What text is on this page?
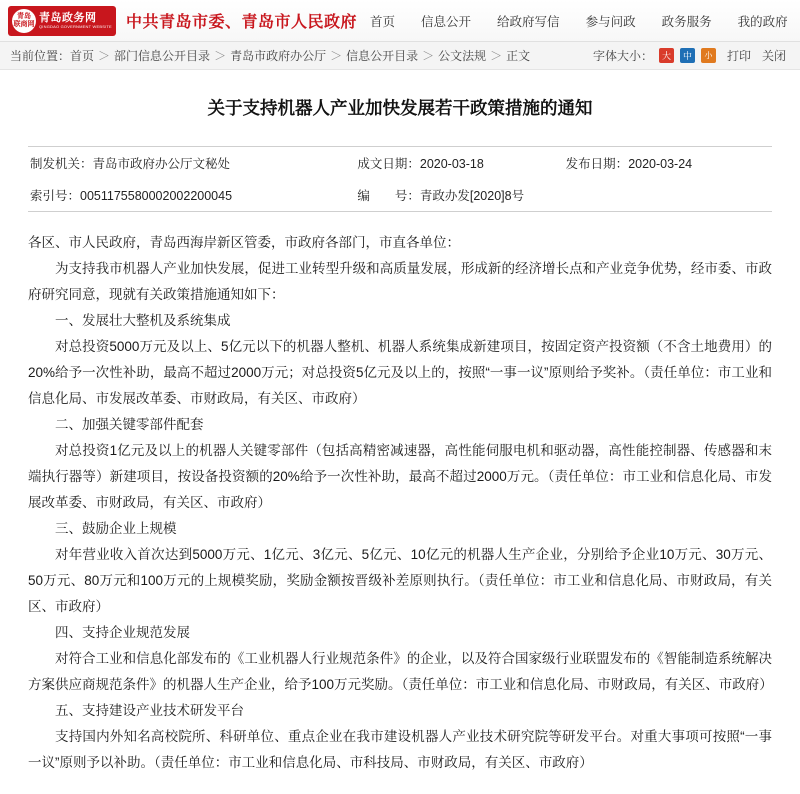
青岛
联商网
青岛政务网
QINGDAO GOVERNMENT WEBSITE 中共青岛市委、青岛市人民政府	首页	信息公开	给政府写信	参与问政	政务服务	我的政府
当前位置： 首页 ＞ 部门信息公开目录 ＞ 青岛市政府办公厅 ＞ 信息公开目录 ＞ 公文法规 ＞ 正文	字体大小： 大	中	小 打印 关闭
关于支持机器人产业加快发展若干政策措施的通知
制发机关：青岛市政府办公厅文秘处	成文日期：2020-03-18	发布日期：2020-03-24
索引号：0051175580002002200045	编　　号：青政办发[2020]8号	

各区、市人民政府，青岛西海岸新区管委，市政府各部门，市直各单位：

为支持我市机器人产业加快发展，促进工业转型升级和高质量发展，形成新的经济增长点和产业竞争优势，经市委、市政府研究同意，现就有关政策措施通知如下：

一、发展壮大整机及系统集成

对总投资5000万元及以上、5亿元以下的机器人整机、机器人系统集成新建项目，按固定资产投资额（不含土地费用）的20%给予一次性补助，最高不超过2000万元；对总投资5亿元及以上的，按照“一事一议”原则给予奖补。（责任单位：市工业和信息化局、市发展改革委、市财政局，有关区、市政府）

二、加强关键零部件配套

对总投资1亿元及以上的机器人关键零部件（包括高精密减速器，高性能伺服电机和驱动器，高性能控制器、传感器和末端执行器等）新建项目，按设备投资额的20%给予一次性补助，最高不超过2000万元。（责任单位：市工业和信息化局、市发展改革委、市财政局，有关区、市政府）

三、鼓励企业上规模

对年营业收入首次达到5000万元、1亿元、3亿元、5亿元、10亿元的机器人生产企业，分别给予企业10万元、30万元、50万元、80万元和100万元的上规模奖励，奖励金额按晋级补差原则执行。（责任单位：市工业和信息化局、市财政局，有关区、市政府）

四、支持企业规范发展

对符合工业和信息化部发布的《工业机器人行业规范条件》的企业，以及符合国家级行业联盟发布的《智能制造系统解决方案供应商规范条件》的机器人生产企业，给予100万元奖励。（责任单位：市工业和信息化局、市财政局，有关区、市政府）

五、支持建设产业技术研发平台

支持国内外知名高校院所、科研单位、重点企业在我市建设机器人产业技术研究院等研发平台。对重大事项可按照“一事一议”原则予以补助。（责任单位：市工业和信息化局、市科技局、市财政局，有关区、市政府）
